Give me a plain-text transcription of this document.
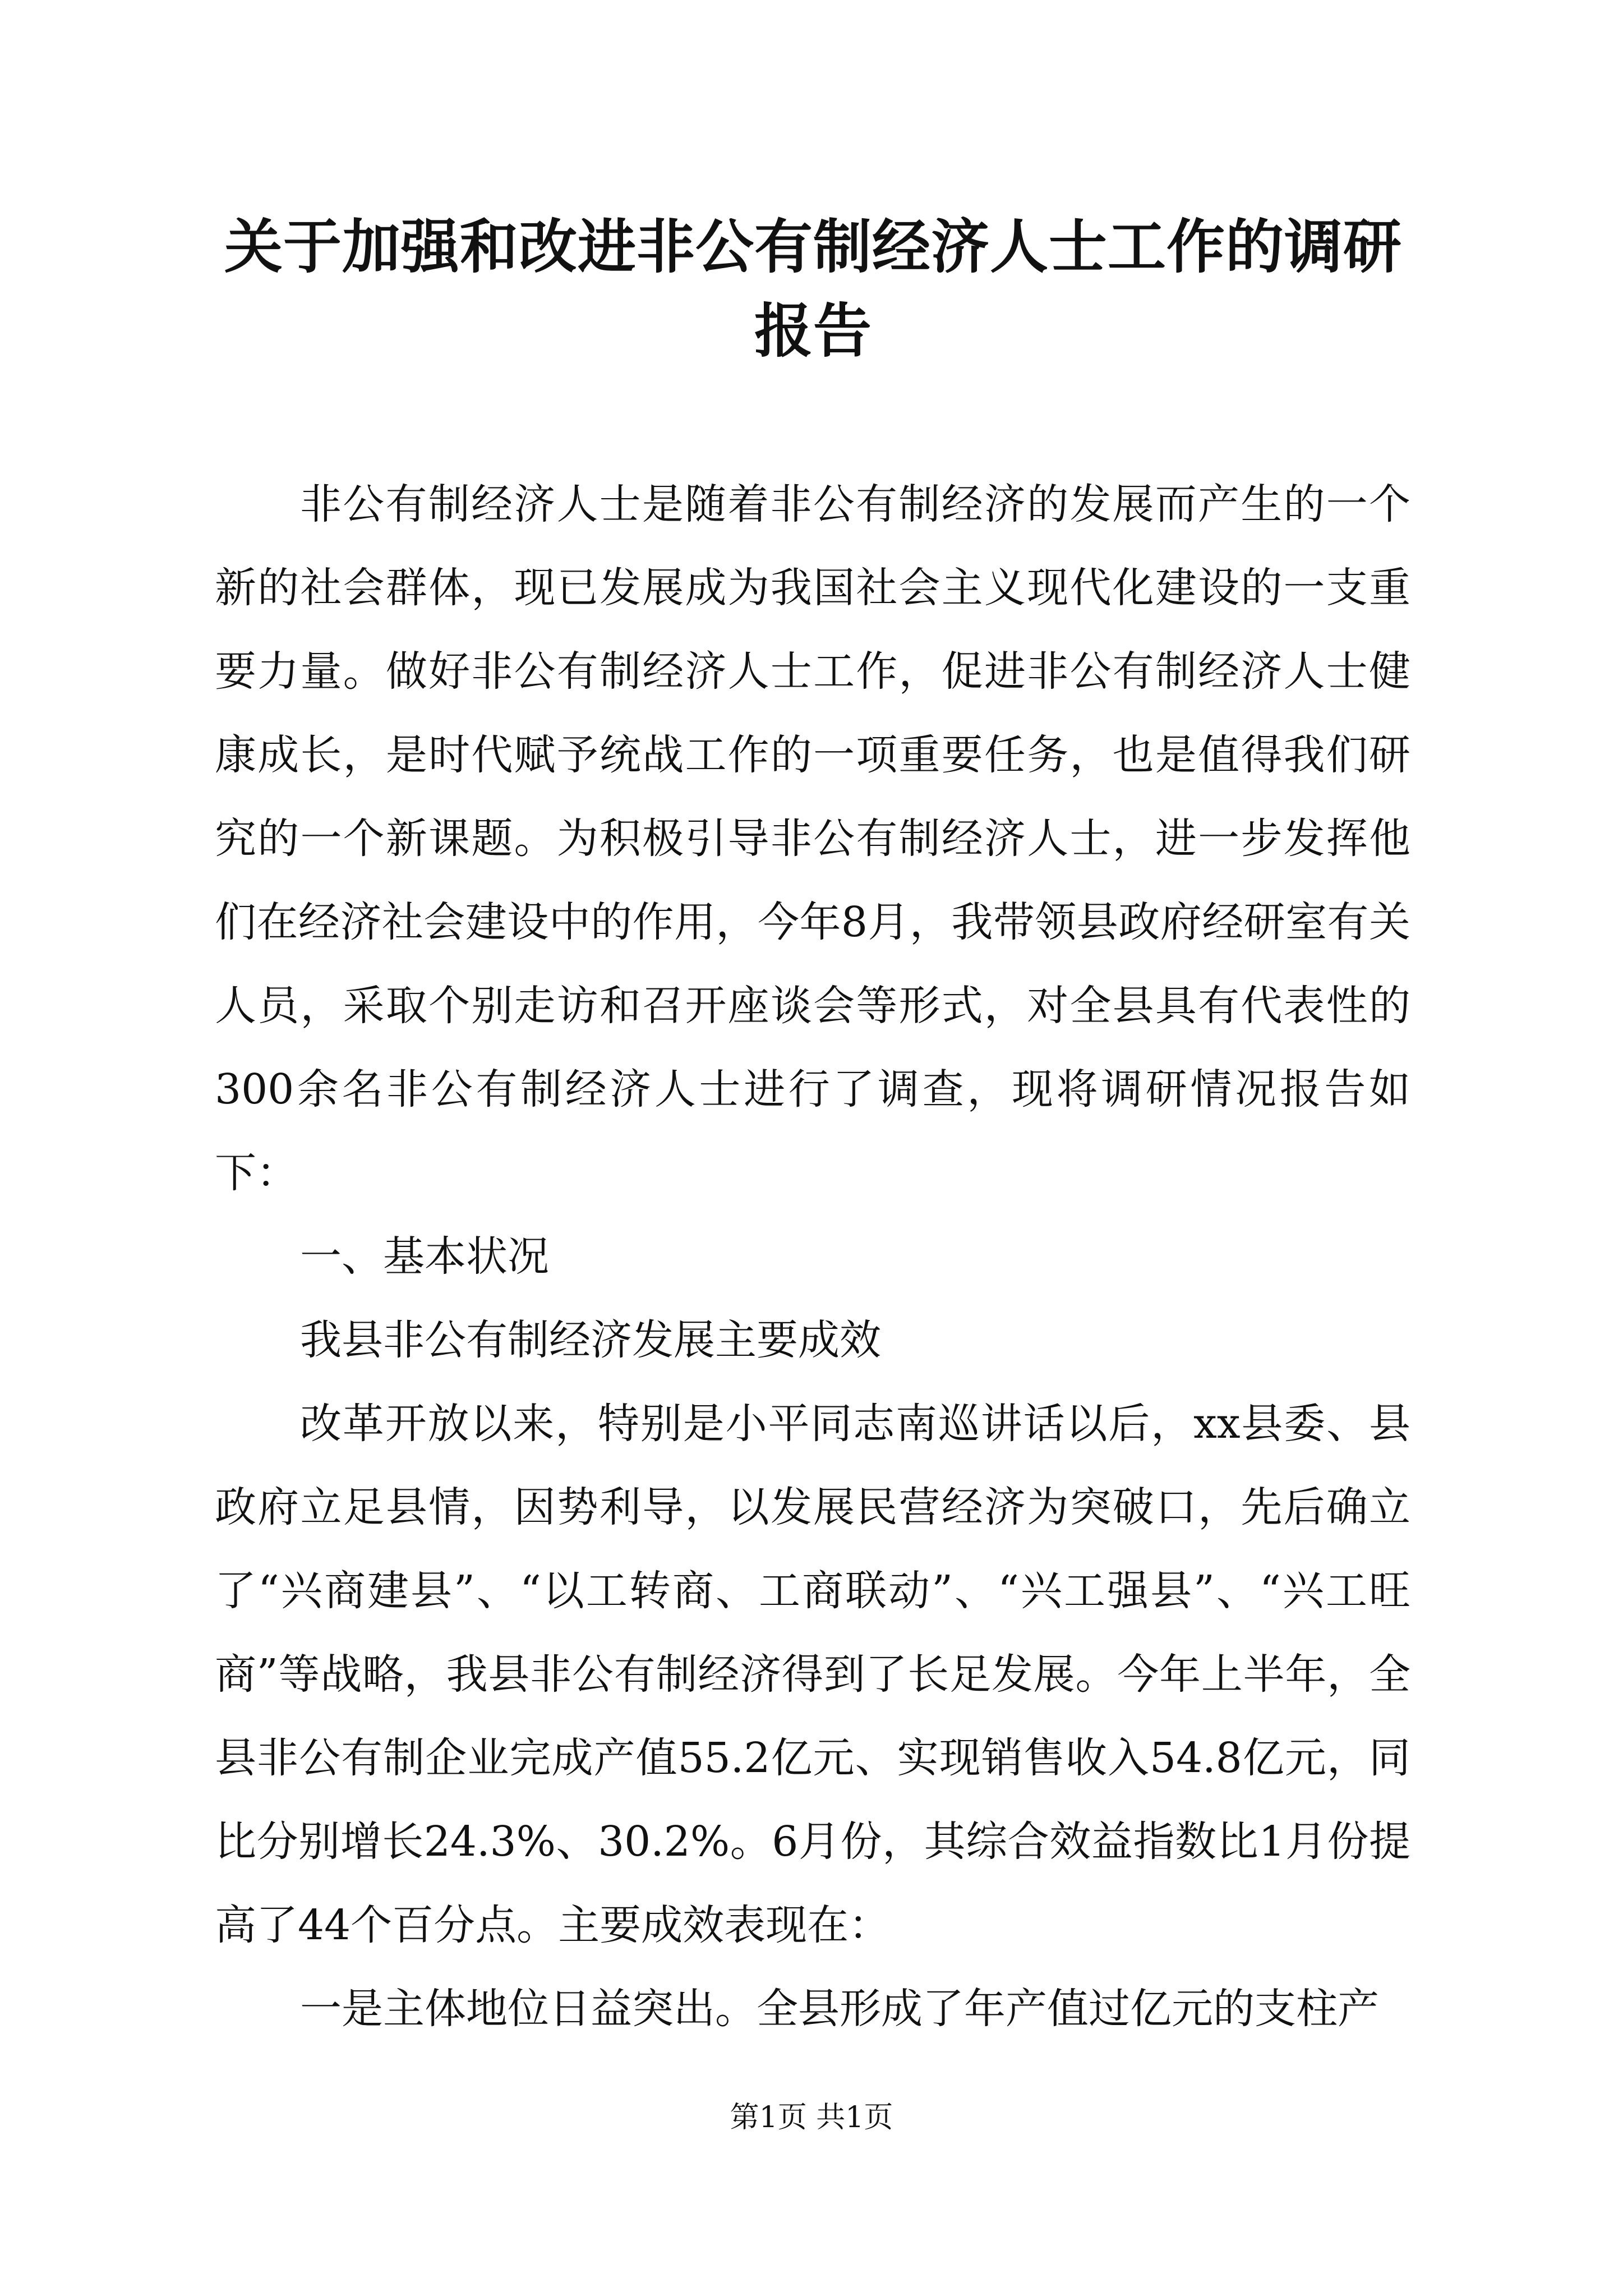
关于加强和改进非公有制经济人士工作的调研报告

非公有制经济人士是随着非公有制经济的发展而产生的一个新的社会群体，现已发展成为我国社会主义现代化建设的一支重要力量。做好非公有制经济人士工作，促进非公有制经济人士健康成长，是时代赋予统战工作的一项重要任务，也是值得我们研究的一个新课题。为积极引导非公有制经济人士，进一步发挥他们在经济社会建设中的作用，今年8月，我带领县政府经研室有关人员，采取个别走访和召开座谈会等形式，对全县具有代表性的300余名非公有制经济人士进行了调查，现将调研情况报告如下：

一、基本状况

我县非公有制经济发展主要成效

改革开放以来，特别是小平同志南巡讲话以后，xx县委、县政府立足县情，因势利导，以发展民营经济为突破口，先后确立了“兴商建县”、“以工转商、工商联动”、“兴工强县”、“兴工旺商”等战略，我县非公有制经济得到了长足发展。今年上半年，全县非公有制企业完成产值55.2亿元、实现销售收入54.8亿元，同比分别增长24.3%、30.2%。6月份，其综合效益指数比1月份提高了44个百分点。主要成效表现在：

一是主体地位日益突出。全县形成了年产值过亿元的支柱产

第1页 共1页
